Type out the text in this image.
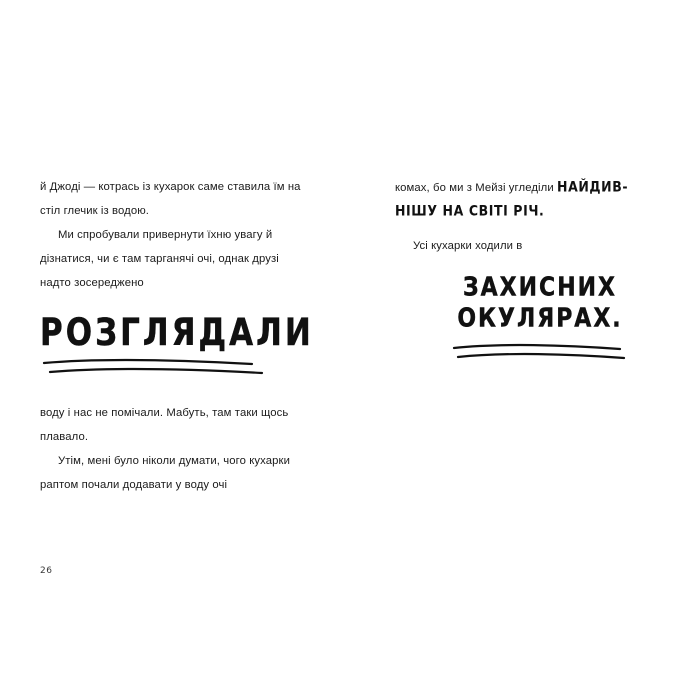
й Джоді — котрась із кухарок саме ставила їм на стіл глечик із водою.

Ми спробували привернути їхню увагу й дізнатися, чи є там тарганячі очі, однак друзі надто зосереджено

РОЗГЛЯДАЛИ

воду і нас не помічали. Мабуть, там таки щось плавало.

Утім, мені було ніколи думати, чого кухарки раптом почали додавати у воду очі

26

комах, бо ми з Мейзі угледіли НАЙДИВ-

НІШУ НА СВІТІ РІЧ.

Усі кухарки ходили в

ЗАХИСНИХ
ОКУЛЯРАХ.
